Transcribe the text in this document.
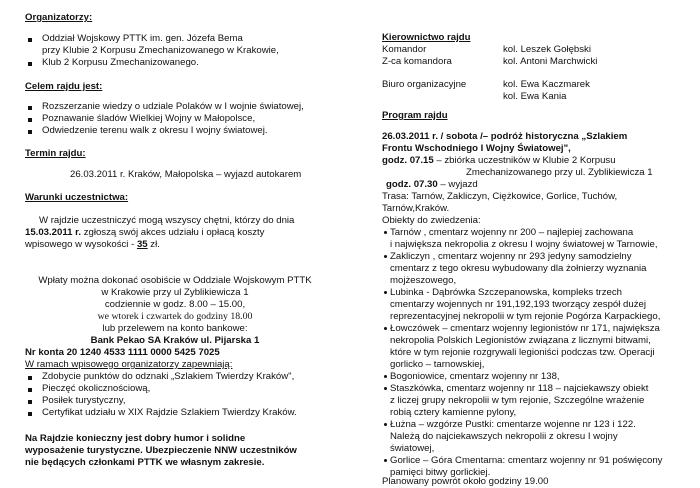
Organizatorzy:
Oddział Wojskowy PTTK im. gen. Józefa Bema
przy Klubie 2 Korpusu Zmechanizowanego w Krakowie,
Klub 2 Korpusu Zmechanizowanego.
Celem rajdu jest:
Rozszerzanie wiedzy o udziale Polaków w I wojnie światowej,
Poznawanie śladów Wielkiej Wojny w Małopolsce,
Odwiedzenie terenu walk z okresu I wojny światowej.
Termin rajdu:
26.03.2011 r. Kraków, Małopolska – wyjazd autokarem
Warunki uczestnictwa:
W rajdzie uczestniczyć mogą wszyscy chętni, którzy do dnia
15.03.2011 r. zgłoszą swój akces udziału i opłacą koszty
wpisowego w wysokości - 35 zł.
Wpłaty można dokonać osobiście w Oddziale Wojskowym PTTK
w Krakowie przy ul Zyblikiewicza 1
codziennie w godz. 8.00 – 15.00,
we wtorek i czwartek do godziny 18.00
lub przelewem na konto bankowe:
Bank Pekao SA Kraków ul. Pijarska 1
Nr konta 20 1240 4533 1111 0000 5425 7025
W ramach wpisowego organizatorzy zapewniają:
Zdobycie punktów do odznaki „Szlakiem Twierdzy Kraków",
Pieczęć okolicznościową,
Posiłek turystyczny,
Certyfikat udziału w XIX Rajdzie Szlakiem Twierdzy Kraków.
Na Rajdzie konieczny jest dobry humor i solidne
wyposażenie turystyczne. Ubezpieczenie NNW uczestników
nie będących członkami PTTK we własnym zakresie.
Kierownictwo rajdu
Komandor	kol. Leszek Gołębski
Z-ca komandora	kol. Antoni Marchwicki
Biuro organizacyjne	kol. Ewa Kaczmarek
kol. Ewa Kania
Program rajdu
26.03.2011 r. / sobota /– podróż historyczna „Szlakiem
Frontu Wschodniego I Wojny Światowej",
godz. 07.15 – zbiórka uczestników w Klubie 2 Korpusu
Zmechanizowanego przy ul. Zyblikiewicza 1
godz. 07.30 – wyjazd
Trasa: Tarnów, Zakliczyn, Ciężkowice, Gorlice, Tuchów,
Tarnów,Kraków.
Obiekty do zwiedzenia:
Tarnów , cmentarz wojenny nr 200 – najlepiej zachowana
i największa nekropolia z okresu I wojny światowej w Tarnowie,
Zakliczyn , cmentarz wojenny nr 293 jedyny samodzielny
cmentarz z tego okresu wybudowany dla żołnierzy wyznania
mojżeszowego,
Lubinka - Dąbrówka Szczepanowska, kompleks trzech
cmentarzy wojennych nr 191,192,193 tworzący zespół dużej
reprezentacyjnej nekropolii w tym rejonie Pogórza Karpackiego,
Łowczówek – cmentarz wojenny legionistów nr 171, największa
nekropolia Polskich Legionistów związana z licznymi bitwami,
które w tym rejonie rozgrywali legioniści podczas tzw. Operacji
gorlicko – tarnowskiej,
Bogoniowice, cmentarz wojenny nr 138,
Staszkówka, cmentarz wojenny nr 118 – najciekawszy obiekt
z liczej grupy nekropolii w tym rejonie, Szczególne wrażenie
robią cztery kamienne pylony,
Łużna – wzgórze Pustki: cmentarze wojenne nr 123 i 122.
Należą do najciekawszych nekropolii z okresu I wojny
światowej,
Gorlice – Góra Cmentarna: cmentarz wojenny nr 91 poświęcony
pamięci bitwy gorlickiej.
Planowany powrót około godziny 19.00
